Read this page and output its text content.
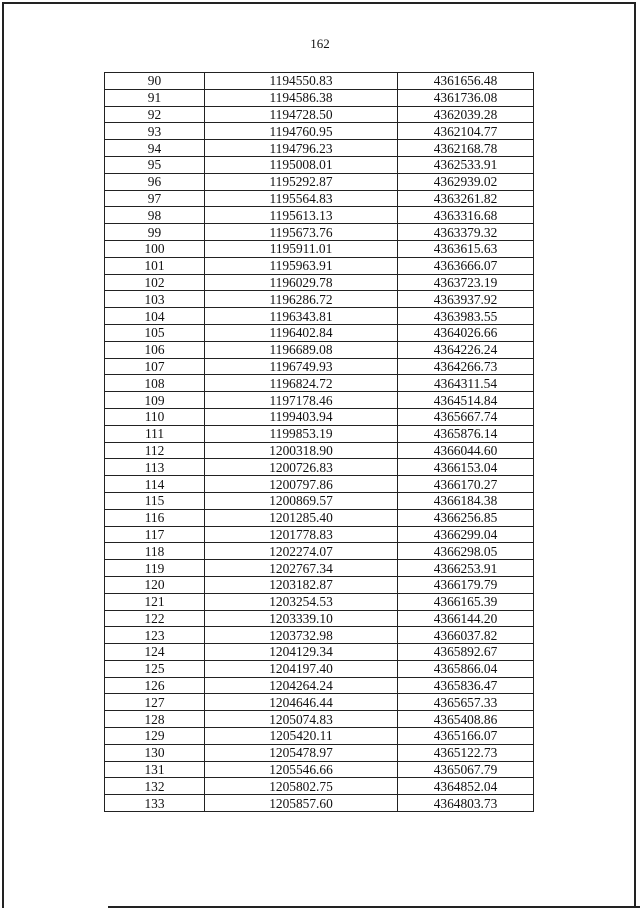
162
90	1194550.83	4361656.48
91	1194586.38	4361736.08
92	1194728.50	4362039.28
93	1194760.95	4362104.77
94	1194796.23	4362168.78
95	1195008.01	4362533.91
96	1195292.87	4362939.02
97	1195564.83	4363261.82
98	1195613.13	4363316.68
99	1195673.76	4363379.32
100	1195911.01	4363615.63
101	1195963.91	4363666.07
102	1196029.78	4363723.19
103	1196286.72	4363937.92
104	1196343.81	4363983.55
105	1196402.84	4364026.66
106	1196689.08	4364226.24
107	1196749.93	4364266.73
108	1196824.72	4364311.54
109	1197178.46	4364514.84
110	1199403.94	4365667.74
111	1199853.19	4365876.14
112	1200318.90	4366044.60
113	1200726.83	4366153.04
114	1200797.86	4366170.27
115	1200869.57	4366184.38
116	1201285.40	4366256.85
117	1201778.83	4366299.04
118	1202274.07	4366298.05
119	1202767.34	4366253.91
120	1203182.87	4366179.79
121	1203254.53	4366165.39
122	1203339.10	4366144.20
123	1203732.98	4366037.82
124	1204129.34	4365892.67
125	1204197.40	4365866.04
126	1204264.24	4365836.47
127	1204646.44	4365657.33
128	1205074.83	4365408.86
129	1205420.11	4365166.07
130	1205478.97	4365122.73
131	1205546.66	4365067.79
132	1205802.75	4364852.04
133	1205857.60	4364803.73
